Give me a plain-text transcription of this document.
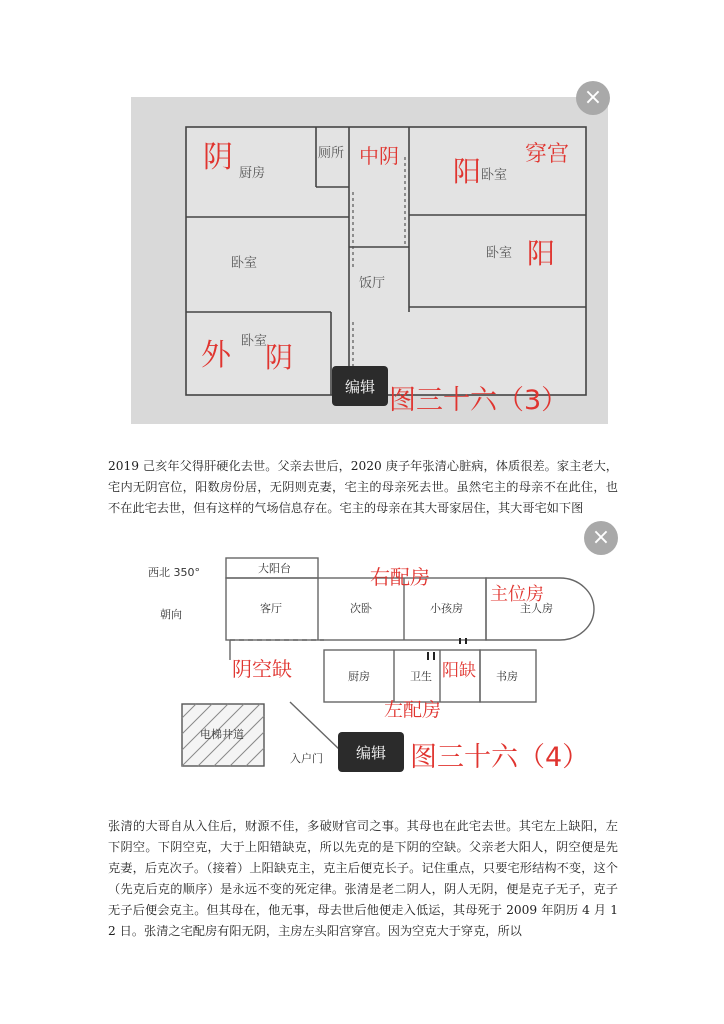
厨房
卧室
卧室
卧室
厕所
饭厅
卧室
阴	中阴 阳
穿宫
阳
外 阴
图三十六（3）
×
编辑

2019 己亥年父得肝硬化去世。父亲去世后，2020 庚子年张清心脏病，体质很差。家主老大，宅内无阴宫位，阳数房份居，无阴则克妻，宅主的母亲死去世。虽然宅主的母亲不在此住，也不在此宅去世，但有这样的气场信息存在。宅主的母亲在其大哥家居住，其大哥宅如下图

西北 350°
朝向
大阳台
客厅	次卧	小孩房	主人房
厨房	卫生	书房
电梯井道
入户门
右配房
主位房
阴空缺	阳缺
左配房
图三十六（4）
×
编辑

张清的大哥自从入住后，财源不佳，多破财官司之事。其母也在此宅去世。其宅左上缺阳，左下阴空。下阴空克，大于上阳错缺克，所以先克的是下阴的空缺。父亲老大阳人，阴空便是先克妻，后克次子。（接着）上阳缺克主，克主后便克长子。记住重点，只要宅形结构不变，这个（先克后克的顺序）是永远不变的死定律。张清是老二阴人，阴人无阴，便是克子无子，克子无子后便会克主。但其母在，他无事，母去世后他便走入低运，其母死于 2009 年阴历 4 月 12 日。张清之宅配房有阳无阴，主房左头阳宫穿宫。因为空克大于穿克，所以
